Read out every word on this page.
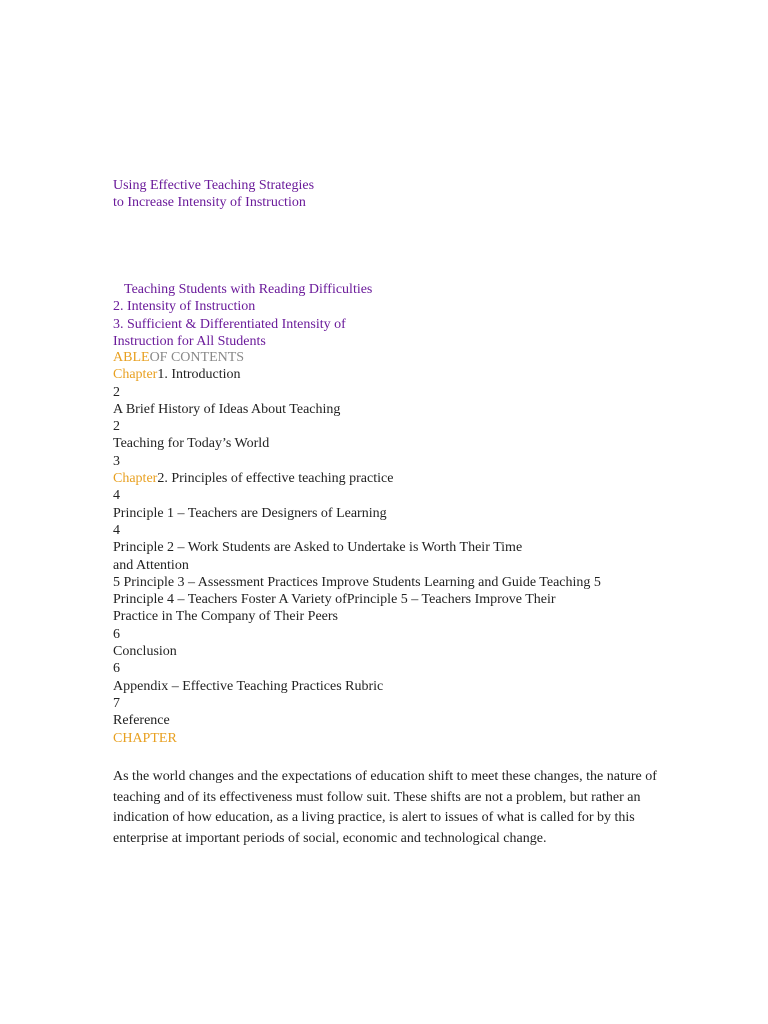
Using Effective Teaching Strategies
to Increase Intensity of Instruction
Teaching Students with Reading Difficulties
2. Intensity of Instruction
3. Sufficient & Differentiated Intensity of
Instruction for All Students
ABLEOF CONTENTS
Chapter1. Introduction
2
A Brief History of Ideas About Teaching
2
Teaching for Today’s World
3
Chapter2. Principles of effective teaching practice
4
Principle 1 – Teachers are Designers of Learning
4
Principle 2 – Work Students are Asked to Undertake is Worth Their Time
and Attention
5 Principle 3 – Assessment Practices Improve Students Learning and Guide Teaching 5
Principle 4 – Teachers Foster A Variety ofPrinciple 5 – Teachers Improve Their
Practice in The Company of Their Peers
6
Conclusion
6
Appendix – Effective Teaching Practices Rubric
7
Reference
CHAPTER
As the world changes and the expectations of education shift to meet these changes, the nature of teaching and of its effectiveness must follow suit. These shifts are not a problem, but rather an indication of how education, as a living practice, is alert to issues of what is called for by this enterprise at important periods of social, economic and technological change.
